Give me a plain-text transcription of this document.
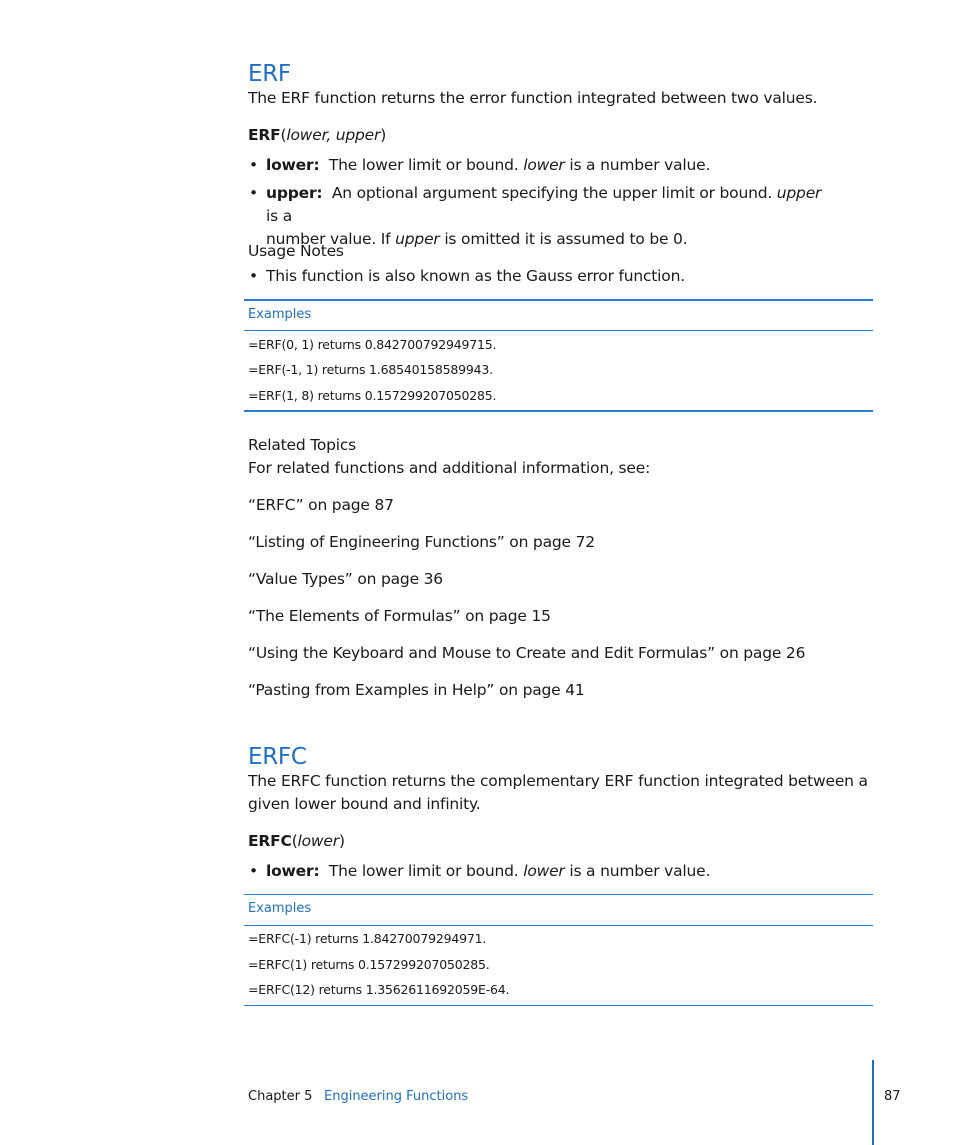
ERF
The ERF function returns the error function integrated between two values.
ERF(lower, upper)
• lower: The lower limit or bound. lower is a number value.
• upper: An optional argument specifying the upper limit or bound. upper is a
number value. If upper is omitted it is assumed to be 0.
Usage Notes
• This function is also known as the Gauss error function.
Examples
=ERF(0, 1) returns 0.842700792949715.
=ERF(-1, 1) returns 1.68540158589943.
=ERF(1, 8) returns 0.157299207050285.
Related Topics
For related functions and additional information, see:
“ERFC” on page 87
“Listing of Engineering Functions” on page 72
“Value Types” on page 36
“The Elements of Formulas” on page 15
“Using the Keyboard and Mouse to Create and Edit Formulas” on page 26
“Pasting from Examples in Help” on page 41
ERFC
The ERFC function returns the complementary ERF function integrated between a
given lower bound and infinity.
ERFC(lower)
• lower: The lower limit or bound. lower is a number value.
Examples
=ERFC(-1) returns 1.84270079294971.
=ERFC(1) returns 0.157299207050285.
=ERFC(12) returns 1.3562611692059E-64.
Chapter 5 Engineering Functions	87
